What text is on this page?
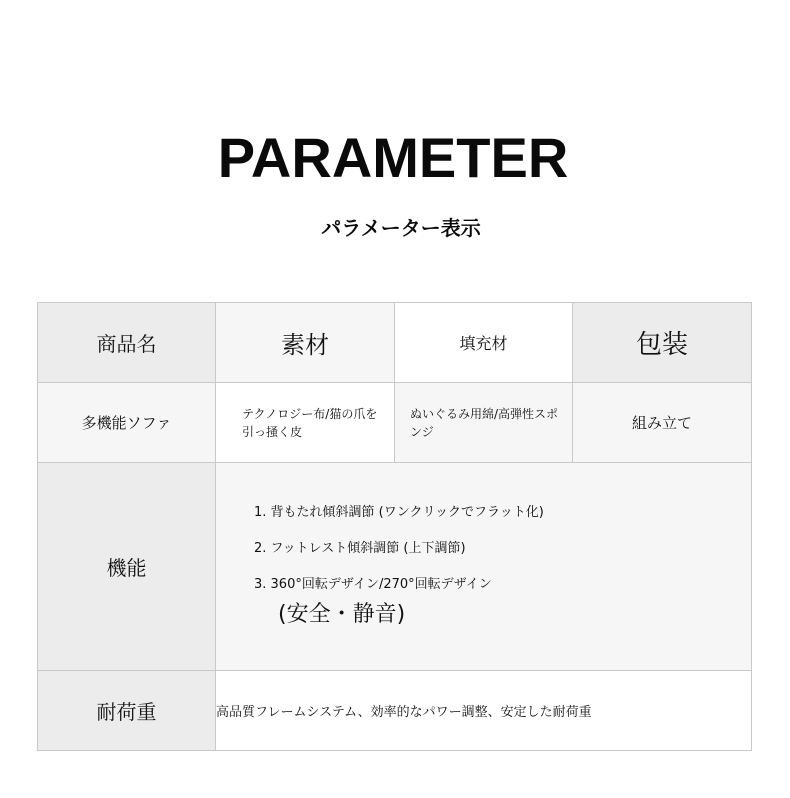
PARAMETER
パラメーター表示
商品名	素材	填充材	包装
多機能ソファ	テクノロジー布/猫の爪を引っ掻く皮	ぬいぐるみ用綿/高弾性スポンジ	組み立て
機能	1. 背もたれ傾斜調節 (ワンクリックでフラット化)
2. フットレスト傾斜調節 (上下調節)
3. 360°回転デザイン/270°回転デザイン
(安全・静音)		

耐荷重	高品質フレームシステム、効率的なパワー調整、安定した耐荷重		
